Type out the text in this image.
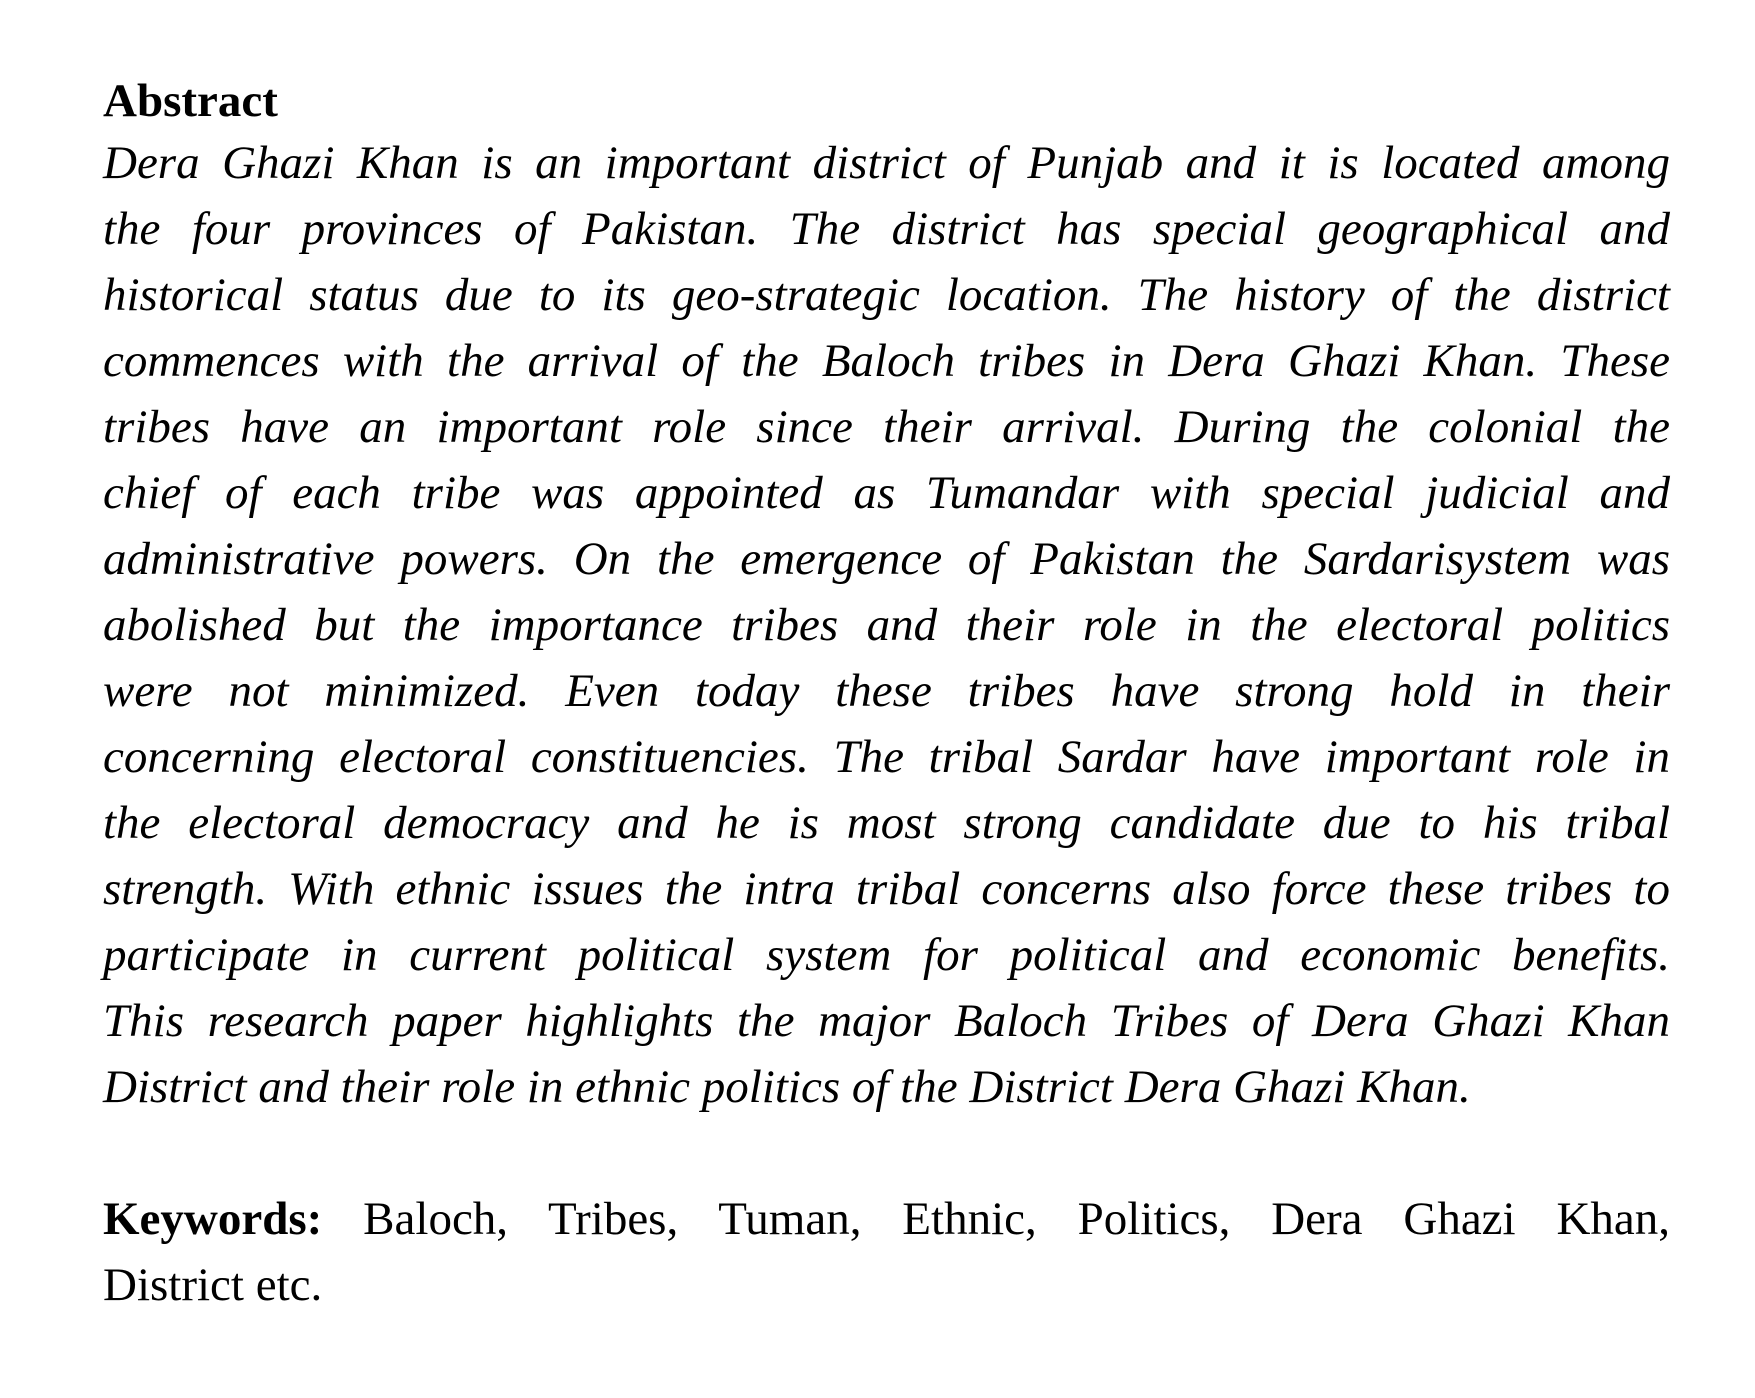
Abstract
Dera Ghazi Khan is an important district of Punjab and it is located among
the four provinces of Pakistan. The district has special geographical and
historical status due to its geo-strategic location. The history of the district
commences with the arrival of the Baloch tribes in Dera Ghazi Khan. These
tribes have an important role since their arrival. During the colonial the
chief of each tribe was appointed as Tumandar with special judicial and
administrative powers. On the emergence of Pakistan the Sardarisystem was
abolished but the importance tribes and their role in the electoral politics
were not minimized. Even today these tribes have strong hold in their
concerning electoral constituencies. The tribal Sardar have important role in
the electoral democracy and he is most strong candidate due to his tribal
strength. With ethnic issues the intra tribal concerns also force these tribes to
participate in current political system for political and economic benefits.
This research paper highlights the major Baloch Tribes of Dera Ghazi Khan
District and their role in ethnic politics of the District Dera Ghazi Khan.
Keywords: Baloch, Tribes, Tuman, Ethnic, Politics, Dera Ghazi Khan,
District etc.
